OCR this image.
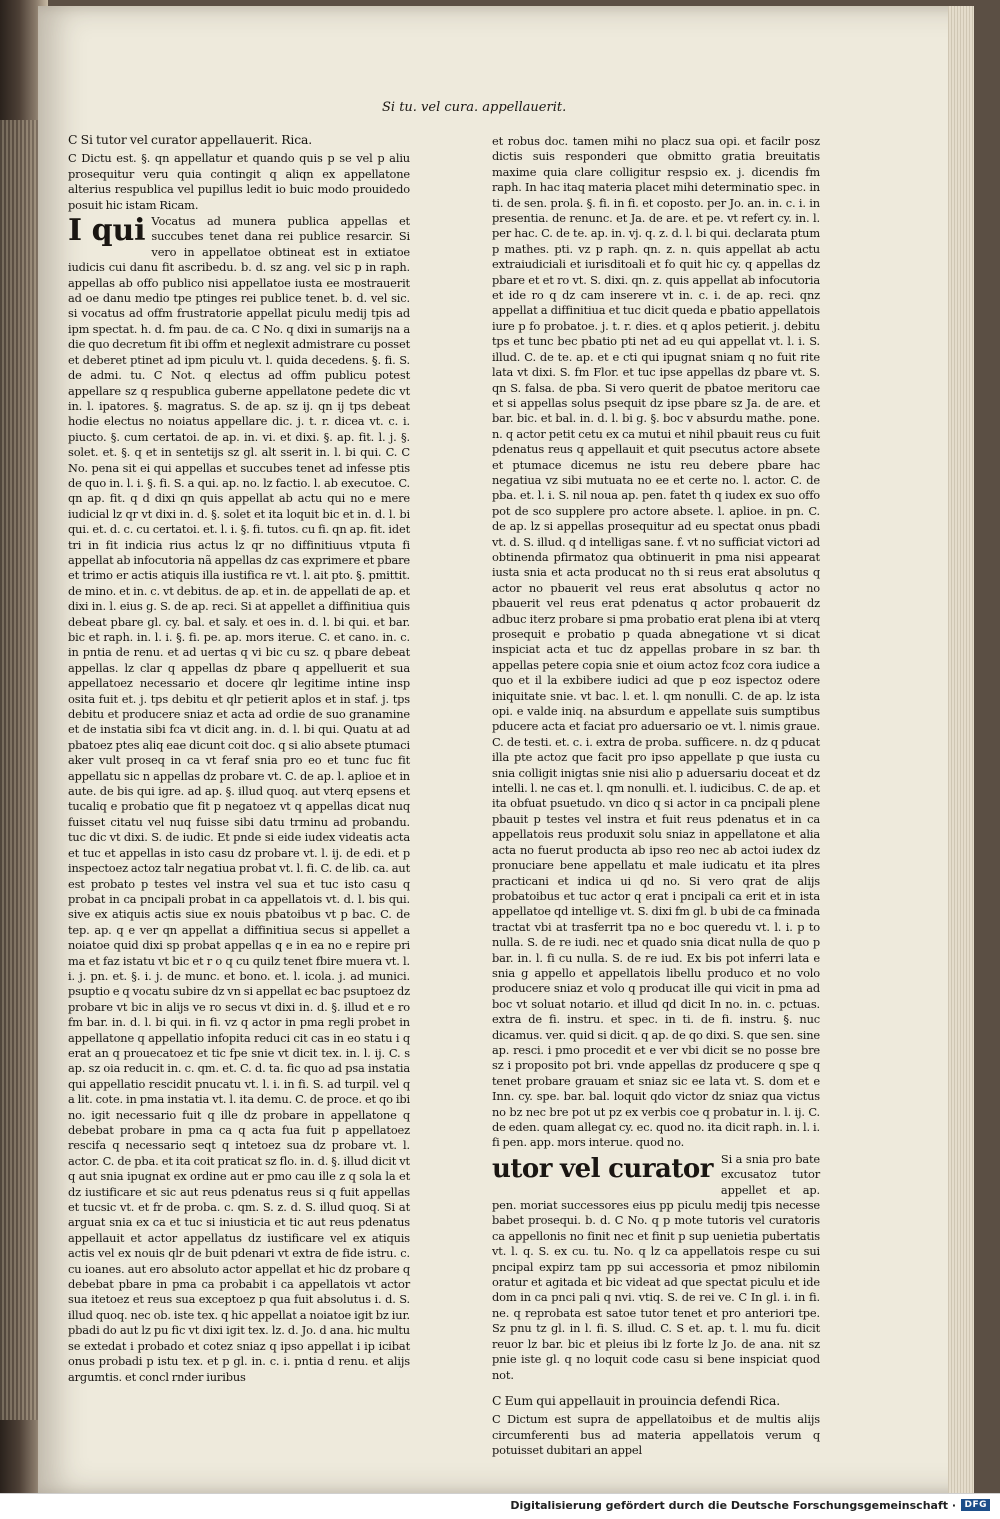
Si tu. vel cura. appellauerit.

C Si tutor vel curator appellauerit. Rica.

C Dictu est. §. qn appellatur et quando quis p se vel p aliu prosequitur veru quia contingit q aliqn ex appellatone alterius respublica vel pupillus ledit io buic modo prouidedo posuit hic istam Ricam.

I qui Vocatus ad munera publica appellas et succubes tenet dana rei publice resarcir. Si vero in appellatoe obtineat est in extiatoe iudicis cui danu fit ascribedu. b. d. sz ang. vel sic p in raph. appellas ab offo publico nisi appellatoe iusta ee mostrauerit ad oe danu medio tpe ptinges rei publice tenet. b. d. vel sic. si vocatus ad offm frustratorie appellat piculu medij tpis ad ipm spectat. h. d. fm pau. de ca. C No. q dixi in sumarijs na a die quo decretum fit ibi offm et neglexit admistrare cu posset et deberet ptinet ad ipm piculu vt. l. quida decedens. §. fi. S. de admi. tu. C Not. q electus ad offm publicu potest appellare sz q respublica guberne appellatone pedete dic vt in. l. ipatores. §. magratus. S. de ap. sz ij. qn ij tps debeat hodie electus no noiatus appellare dic. j. t. r. dicea vt. c. i. piucto. §. cum certatoi. de ap. in. vi. et dixi. §. ap. fit. l. j. §. solet. et. §. q et in sentetijs sz gl. alt sserit in. l. bi qui. C. C No. pena sit ei qui appellas et succubes tenet ad infesse ptis de quo in. l. i. §. fi. S. a qui. ap. no. lz factio. l. ab executoe. C. qn ap. fit. q d dixi qn quis appellat ab actu qui no e mere iudicial lz qr vt dixi in. d. §. solet et ita loquit bic et in. d. l. bi qui. et. d. c. cu certatoi. et. l. i. §. fi. tutos. cu fi. qn ap. fit. idet tri in fit indicia rius actus lz qr no diffinitiuus vtputa fi appellat ab infocutoria nã appellas dz cas exprimere et pbare et trimo er actis atiquis illa iustifica re vt. l. ait pto. §. pmittit. de mino. et in. c. vt debitus. de ap. et in. de appellati de ap. et dixi in. l. eius g. S. de ap. reci. Si at appellet a diffinitiua quis debeat pbare gl. cy. bal. et saly. et oes in. d. l. bi qui. et bar. bic et raph. in. l. i. §. fi. pe. ap. mors iterue. C. et cano. in. c. in pntia de renu. et ad uertas q vi bic cu sz. q pbare debeat appellas. lz clar q appellas dz pbare q appelluerit et sua appellatoez necessario et docere qlr legitime intine insp osita fuit et. j. tps debitu et qlr petierit aplos et in staf. j. tps debitu et producere sniaz et acta ad ordie de suo granamine et de instatia sibi fca vt dicit ang. in. d. l. bi qui. Quatu at ad pbatoez ptes aliq eae dicunt coit doc. q si alio absete ptumaci aker vult proseq in ca vt feraf snia pro eo et tunc fuc fit appellatu sic n appellas dz probare vt. C. de ap. l. aplioe et in aute. de bis qui igre. ad ap. §. illud quoq. aut vterq epsens et tucaliq e probatio que fit p negatoez vt q appellas dicat nuq fuisset citatu vel nuq fuisse sibi datu trminu ad probandu. tuc dic vt dixi. S. de iudic. Et pnde si eide iudex videatis acta et tuc et appellas in isto casu dz probare vt. l. ij. de edi. et p inspectoez actoz talr negatiua probat vt. l. fi. C. de lib. ca. aut est probato p testes vel instra vel sua et tuc isto casu q probat in ca pncipali probat in ca appellatois vt. d. l. bis qui. sive ex atiquis actis siue ex nouis pbatoibus vt p bac. C. de tep. ap. q e ver qn appellat a diffinitiua secus si appellet a noiatoe quid dixi sp probat appellas q e in ea no e repire pri ma et faz istatu vt bic et r o q cu quilz tenet fbire muera vt. l. i. j. pn. et. §. i. j. de munc. et bono. et. l. icola. j. ad munici. psuptio e q vocatu subire dz vn si appellat ec bac psuptoez dz probare vt bic in alijs ve ro secus vt dixi in. d. §. illud et e ro fm bar. in. d. l. bi qui. in fi. vz q actor in pma regli probet in appellatone q appellatio infopita reduci cit cas in eo statu i q erat an q prouecatoez et tic fpe snie vt dicit tex. in. l. ij. C. s ap. sz oia reducit in. c. qm. et. C. d. ta. fic quo ad psa instatia qui appellatio rescidit pnucatu vt. l. i. in fi. S. ad turpil. vel q a lit. cote. in pma instatia vt. l. ita demu. C. de proce. et qo ibi no. igit necessario fuit q ille dz probare in appellatone q debebat probare in pma ca q acta fua fuit p appellatoez rescifa q necessario seqt q intetoez sua dz probare vt. l. actor. C. de pba. et ita coit praticat sz flo. in. d. §. illud dicit vt q aut snia ipugnat ex ordine aut er pmo cau ille z q sola la et dz iustificare et sic aut reus pdenatus reus si q fuit appellas et tucsic vt. et fr de proba. c. qm. S. z. d. S. illud quoq. Si at arguat snia ex ca et tuc si iniusticia et tic aut reus pdenatus appellauit et actor appellatus dz iustificare vel ex atiquis actis vel ex nouis qlr de buit pdenari vt extra de fide istru. c. cu ioanes. aut ero absoluto actor appellat et hic dz probare q debebat pbare in pma ca probabit i ca appellatois vt actor sua itetoez et reus sua exceptoez p qua fuit absolutus i. d. S. illud quoq. nec ob. iste tex. q hic appellat a noiatoe igit bz iur. pbadi do aut lz pu fic vt dixi igit tex. lz. d. Jo. d ana. hic multu se extedat i probado et cotez sniaz q ipso appellat i ip icibat onus probadi p istu tex. et p gl. in. c. i. pntia d renu. et alijs argumtis. et concl rnder iuribus

et robus doc. tamen mihi no placz sua opi. et facilr posz dictis suis responderi que obmitto gratia breuitatis maxime quia clare colligitur respsio ex. j. dicendis fm raph. In hac itaq materia placet mihi determinatio spec. in ti. de sen. prola. §. fi. in fi. et coposto. per Jo. an. in. c. i. in presentia. de renunc. et Ja. de are. et pe. vt refert cy. in. l. per hac. C. de te. ap. in. vj. q. z. d. l. bi qui. declarata ptum p mathes. pti. vz p raph. qn. z. n. quis appellat ab actu extraiudiciali et iurisditoali et fo quit hic cy. q appellas dz pbare et et ro vt. S. dixi. qn. z. quis appellat ab infocutoria et ide ro q dz cam inserere vt in. c. i. de ap. reci. qnz appellat a diffinitiua et tuc dicit queda e pbatio appellatois iure p fo probatoe. j. t. r. dies. et q aplos petierit. j. debitu tps et tunc bec pbatio pti net ad eu qui appellat vt. l. i. S. illud. C. de te. ap. et e cti qui ipugnat sniam q no fuit rite lata vt dixi. S. fm Flor. et tuc ipse appellas dz pbare vt. S. qn S. falsa. de pba. Si vero querit de pbatoe meritoru cae et si appellas solus psequit dz ipse pbare sz Ja. de are. et bar. bic. et bal. in. d. l. bi g. §. boc v absurdu mathe. pone. n. q actor petit cetu ex ca mutui et nihil pbauit reus cu fuit pdenatus reus q appellauit et quit psecutus actore absete et ptumace dicemus ne istu reu debere pbare hac negatiua vz sibi mutuata no ee et certe no. l. actor. C. de pba. et. l. i. S. nil noua ap. pen. fatet th q iudex ex suo offo pot de sco supplere pro actore absete. l. aplioe. in pn. C. de ap. lz si appellas prosequitur ad eu spectat onus pbadi vt. d. S. illud. q d intelligas sane. f. vt no sufficiat victori ad obtinenda pfirmatoz qua obtinuerit in pma nisi appearat iusta snia et acta producat no th si reus erat absolutus q actor no pbauerit vel reus erat absolutus q actor no pbauerit vel reus erat pdenatus q actor probauerit dz adbuc iterz probare si pma probatio erat plena ibi at vterq prosequit e probatio p quada abnegatione vt si dicat inspiciat acta et tuc dz appellas probare in sz bar. th appellas petere copia snie et oium actoz fcoz cora iudice a quo et il la exbibere iudici ad que p eoz ispectoz odere iniquitate snie. vt bac. l. et. l. qm nonulli. C. de ap. lz ista opi. e valde iniq. na absurdum e appellate suis sumptibus pducere acta et faciat pro aduersario oe vt. l. nimis graue. C. de testi. et. c. i. extra de proba. sufficere. n. dz q pducat illa pte actoz que facit pro ipso appellate p que iusta cu snia colligit inigtas snie nisi alio p aduersariu doceat et dz intelli. l. ne cas et. l. qm nonulli. et. l. iudicibus. C. de ap. et ita obfuat psuetudo. vn dico q si actor in ca pncipali plene pbauit p testes vel instra et fuit reus pdenatus et in ca appellatois reus produxit solu sniaz in appellatone et alia acta no fuerut producta ab ipso reo nec ab actoi iudex dz pronuciare bene appellatu et male iudicatu et ita plres practicani et indica ui qd no. Si vero qrat de alijs probatoibus et tuc actor q erat i pncipali ca erit et in ista appellatoe qd intellige vt. S. dixi fm gl. b ubi de ca fminada tractat vbi at trasferrit tpa no e boc queredu vt. l. i. p to nulla. S. de re iudi. nec et quado snia dicat nulla de quo p bar. in. l. fi cu nulla. S. de re iud. Ex bis pot inferri lata e snia g appello et appellatois libellu produco et no volo producere sniaz et volo q producat ille qui vicit in pma ad boc vt soluat notario. et illud qd dicit In no. in. c. pctuas. extra de fi. instru. et spec. in ti. de fi. instru. §. nuc dicamus. ver. quid si dicit. q ap. de qo dixi. S. que sen. sine ap. resci. i pmo procedit et e ver vbi dicit se no posse bre sz i proposito pot bri. vnde appellas dz producere q spe q tenet probare grauam et sniaz sic ee lata vt. S. dom et e Inn. cy. spe. bar. bal. loquit qdo victor dz sniaz qua victus no bz nec bre pot ut pz ex verbis coe q probatur in. l. ij. C. de eden. quam allegat cy. ec. quod no. ita dicit raph. in. l. i. fi pen. app. mors interue. quod no.

utor vel curator Si a snia pro bate excusatoz tutor appellet et ap. pen. moriat successores eius pp piculu medij tpis necesse babet prosequi. b. d. C No. q p mote tutoris vel curatoris ca appellonis no finit nec et finit p sup uenietia pubertatis vt. l. q. S. ex cu. tu. No. q lz ca appellatois respe cu sui pncipal expirz tam pp sui accessoria et pmoz nibilomin oratur et agitada et bic videat ad que spectat piculu et ide dom in ca pnci pali q nvi. vtiq. S. de rei ve. C In gl. i. in fi. ne. q reprobata est satoe tutor tenet et pro anteriori tpe. Sz pnu tz gl. in l. fi. S. illud. C. S et. ap. t. l. mu fu. dicit reuor lz bar. bic et pleius ibi lz forte lz Jo. de ana. nit sz pnie iste gl. q no loquit code casu si bene inspiciat quod not.

C Eum qui appellauit in prouincia defendi Rica.

C Dictum est supra de appellatoibus et de multis alijs circumferenti bus ad materia appellatois verum q potuisset dubitari an appel

Digitalisierung gefördert durch die Deutsche Forschungsgemeinschaft · DFG
